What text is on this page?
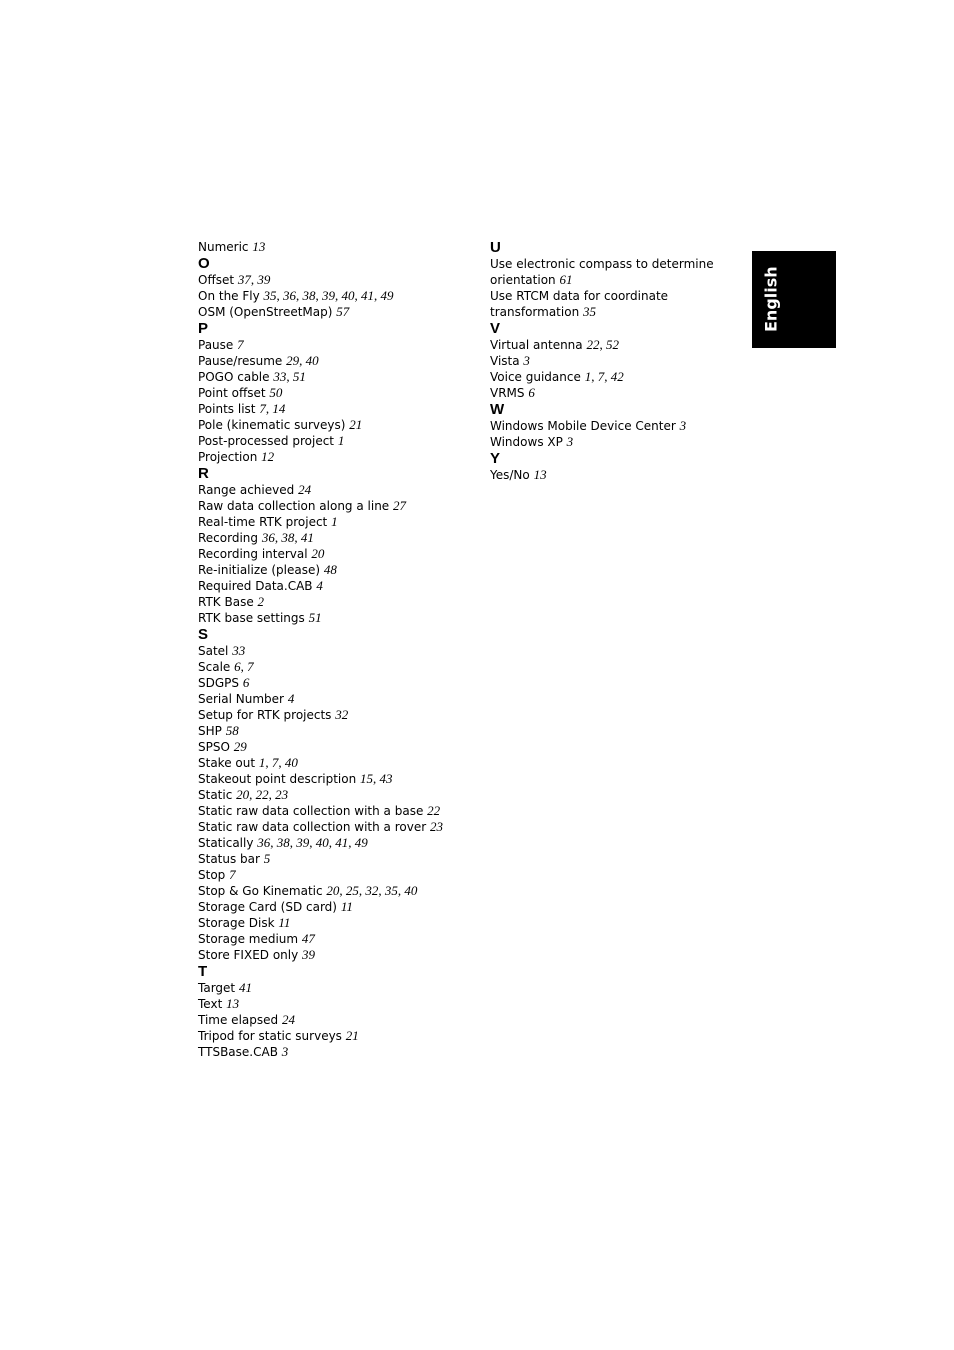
Numeric 13
O
Offset 37, 39
On the Fly 35, 36, 38, 39, 40, 41, 49
OSM (OpenStreetMap) 57
P
Pause 7
Pause/resume 29, 40
POGO cable 33, 51
Point offset 50
Points list 7, 14
Pole (kinematic surveys) 21
Post-processed project 1
Projection 12
R
Range achieved 24
Raw data collection along a line 27
Real-time RTK project 1
Recording 36, 38, 41
Recording interval 20
Re-initialize (please) 48
Required Data.CAB 4
RTK Base 2
RTK base settings 51
S
Satel 33
Scale 6, 7
SDGPS 6
Serial Number 4
Setup for RTK projects 32
SHP 58
SPSO 29
Stake out 1, 7, 40
Stakeout point description 15, 43
Static 20, 22, 23
Static raw data collection with a base 22
Static raw data collection with a rover 23
Statically 36, 38, 39, 40, 41, 49
Status bar 5
Stop 7
Stop & Go Kinematic 20, 25, 32, 35, 40
Storage Card (SD card) 11
Storage Disk 11
Storage medium 47
Store FIXED only 39
T
Target 41
Text 13
Time elapsed 24
Tripod for static surveys 21
TTSBase.CAB 3
U
Use electronic compass to determine
orientation 61
Use RTCM data for coordinate
transformation 35
V
Virtual antenna 22, 52
Vista 3
Voice guidance 1, 7, 42
VRMS 6
W
Windows Mobile Device Center 3
Windows XP 3
Y
Yes/No 13
English
